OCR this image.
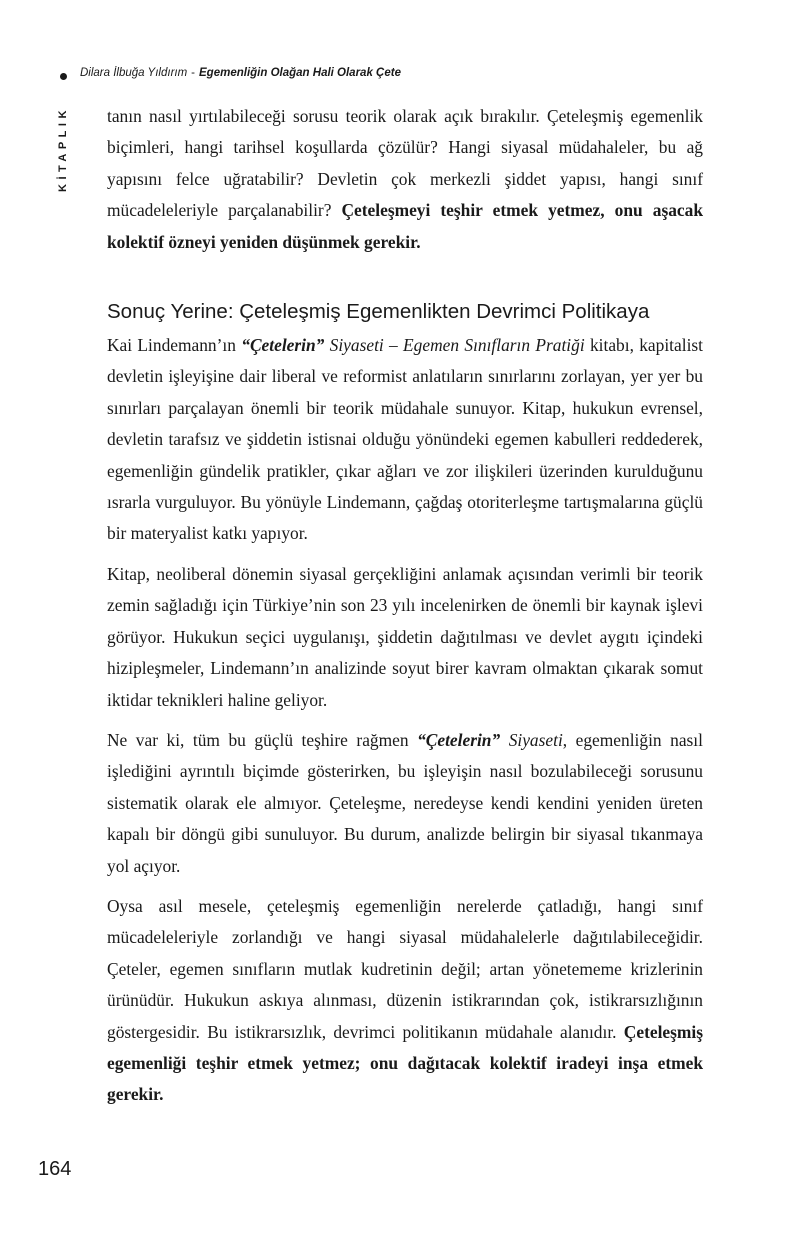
KİTAPLIK
Dilara İlbuğa Yıldırım - Egemenliğin Olağan Hali Olarak Çete

tanın nasıl yırtılabileceği sorusu teorik olarak açık bırakılır. Çeteleşmiş egemenlik biçimleri, hangi tarihsel koşullarda çözülür? Hangi siyasal müdahaleler, bu ağ yapısını felce uğratabilir? Devletin çok merkezli şiddet yapısı, hangi sınıf mücadeleleriyle parçalanabilir? Çeteleşmeyi teşhir etmek yetmez, onu aşacak kolektif özneyi yeniden düşünmek gerekir.

Sonuç Yerine: Çeteleşmiş Egemenlikten Devrimci Politikaya

Kai Lindemann’ın “Çetelerin” Siyaseti – Egemen Sınıfların Pratiği kitabı, kapitalist devletin işleyişine dair liberal ve reformist anlatıların sınırlarını zorlayan, yer yer bu sınırları parçalayan önemli bir teorik müdahale sunuyor. Kitap, hukukun evrensel, devletin tarafsız ve şiddetin istisnai olduğu yönündeki egemen kabulleri reddederek, egemenliğin gündelik pratikler, çıkar ağları ve zor ilişkileri üzerinden kurulduğunu ısrarla vurguluyor. Bu yönüyle Lindemann, çağdaş otoriterleşme tartışmalarına güçlü bir materyalist katkı yapıyor.

Kitap, neoliberal dönemin siyasal gerçekliğini anlamak açısından verimli bir teorik zemin sağladığı için Türkiye’nin son 23 yılı incelenirken de önemli bir kaynak işlevi görüyor. Hukukun seçici uygulanışı, şiddetin dağıtılması ve devlet aygıtı içindeki hizipleşmeler, Lindemann’ın analizinde soyut birer kavram olmaktan çıkarak somut iktidar teknikleri haline geliyor.

Ne var ki, tüm bu güçlü teşhire rağmen “Çetelerin” Siyaseti, egemenliğin nasıl işlediğini ayrıntılı biçimde gösterirken, bu işleyişin nasıl bozulabileceği sorusunu sistematik olarak ele almıyor. Çeteleşme, neredeyse kendi kendini yeniden üreten kapalı bir döngü gibi sunuluyor. Bu durum, analizde belirgin bir siyasal tıkanmaya yol açıyor.

Oysa asıl mesele, çeteleşmiş egemenliğin nerelerde çatladığı, hangi sınıf mücadeleleriyle zorlandığı ve hangi siyasal müdahalelerle dağıtılabileceğidir. Çeteler, egemen sınıfların mutlak kudretinin değil; artan yönetememe krizlerinin ürünüdür. Hukukun askıya alınması, düzenin istikrarından çok, istikrarsızlığının göstergesidir. Bu istikrarsızlık, devrimci politikanın müdahale alanıdır. Çeteleşmiş egemenliği teşhir etmek yetmez; onu dağıtacak kolektif iradeyi inşa etmek gerekir.

164
